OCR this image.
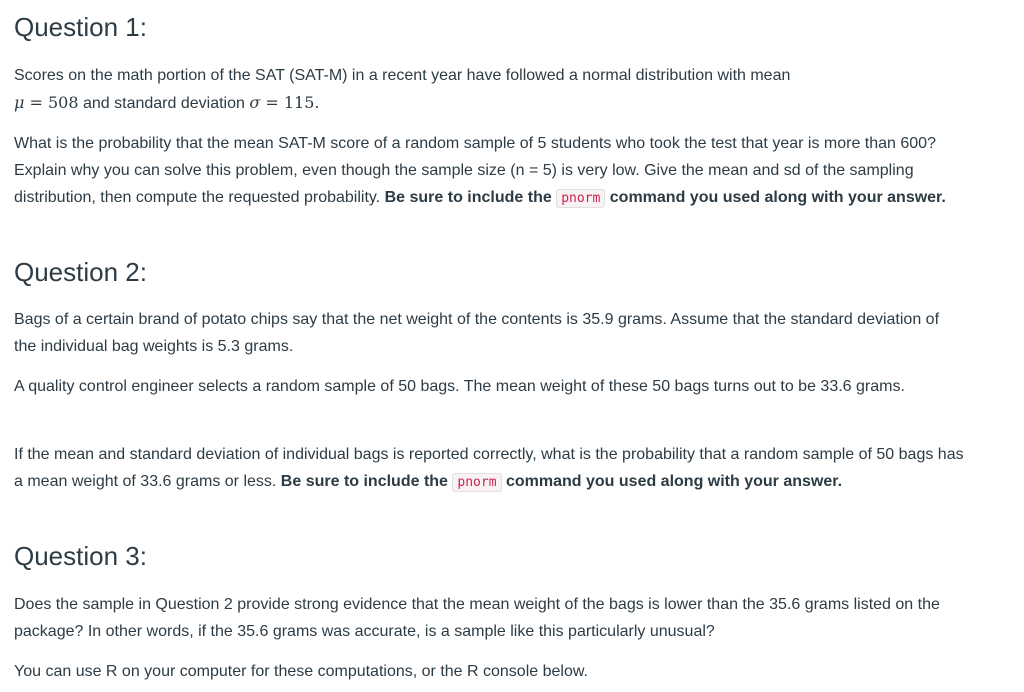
Question 1:

Scores on the math portion of the SAT (SAT-M) in a recent year have followed a normal distribution with mean
μ = 508 and standard deviation σ = 115.

What is the probability that the mean SAT-M score of a random sample of 5 students who took the test that year is more than 600? Explain why you can solve this problem, even though the sample size (n = 5) is very low. Give the mean and sd of the sampling distribution, then compute the requested probability. Be sure to include the pnorm command you used along with your answer.

Question 2:

Bags of a certain brand of potato chips say that the net weight of the contents is 35.9 grams. Assume that the standard deviation of the individual bag weights is 5.3 grams.

A quality control engineer selects a random sample of 50 bags. The mean weight of these 50 bags turns out to be 33.6 grams.

If the mean and standard deviation of individual bags is reported correctly, what is the probability that a random sample of 50 bags has a mean weight of 33.6 grams or less. Be sure to include the pnorm command you used along with your answer.

Question 3:

Does the sample in Question 2 provide strong evidence that the mean weight of the bags is lower than the 35.6 grams listed on the package? In other words, if the 35.6 grams was accurate, is a sample like this particularly unusual?

You can use R on your computer for these computations, or the R console below.
